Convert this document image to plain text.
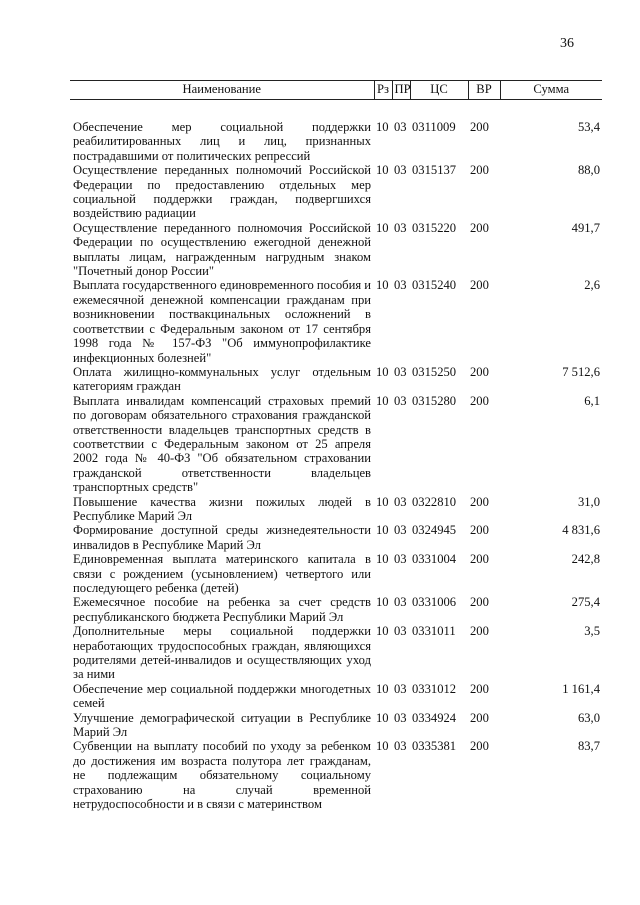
36
Наименование	Рз	ПР	ЦС	ВР	Сумма
Обеспечение мер социальной поддержки реабилитированных лиц и лиц, признанных пострадавшими от политических репрессий	10	03	0311009	200	53,4
Осуществление переданных полномочий Российской Федерации по предоставлению отдельных мер социальной поддержки граждан, подвергшихся воздействию радиации	10	03	0315137	200	88,0
Осуществление переданного полномочия Российской Федерации по осуществлению ежегодной денежной выплаты лицам, награжденным нагрудным знаком "Почетный донор России"	10	03	0315220	200	491,7
Выплата государственного единовременного пособия и ежемесячной денежной компенсации гражданам при возникновении поствакцинальных осложнений в соответствии с Федеральным законом от 17 сентября 1998 года № 157-ФЗ "Об иммунопрофилактике инфекционных болезней"	10	03	0315240	200	2,6
Оплата жилищно-коммунальных услуг отдельным категориям граждан	10	03	0315250	200	7 512,6
Выплата инвалидам компенсаций страховых премий по договорам обязательного страхования гражданской ответственности владельцев транспортных средств в соответствии с Федеральным законом от 25 апреля 2002 года № 40-ФЗ "Об обязательном страховании гражданской ответственности владельцев транспортных средств"	10	03	0315280	200	6,1
Повышение качества жизни пожилых людей в Республике Марий Эл	10	03	0322810	200	31,0
Формирование доступной среды жизнедеятельности инвалидов в Республике Марий Эл	10	03	0324945	200	4 831,6
Единовременная выплата материнского капитала в связи с рождением (усыновлением) четвертого или последующего ребенка (детей)	10	03	0331004	200	242,8
Ежемесячное пособие на ребенка за счет средств республиканского бюджета Республики Марий Эл	10	03	0331006	200	275,4
Дополнительные меры социальной поддержки неработающих трудоспособных граждан, являющихся родителями детей-инвалидов и осуществляющих уход за ними	10	03	0331011	200	3,5
Обеспечение мер социальной поддержки многодетных семей	10	03	0331012	200	1 161,4
Улучшение демографической ситуации в Республике Марий Эл	10	03	0334924	200	63,0
Субвенции на выплату пособий по уходу за ребенком до достижения им возраста полутора лет гражданам, не подлежащим обязательному социальному страхованию на случай временной нетрудоспособности и в связи с материнством	10	03	0335381	200	83,7
